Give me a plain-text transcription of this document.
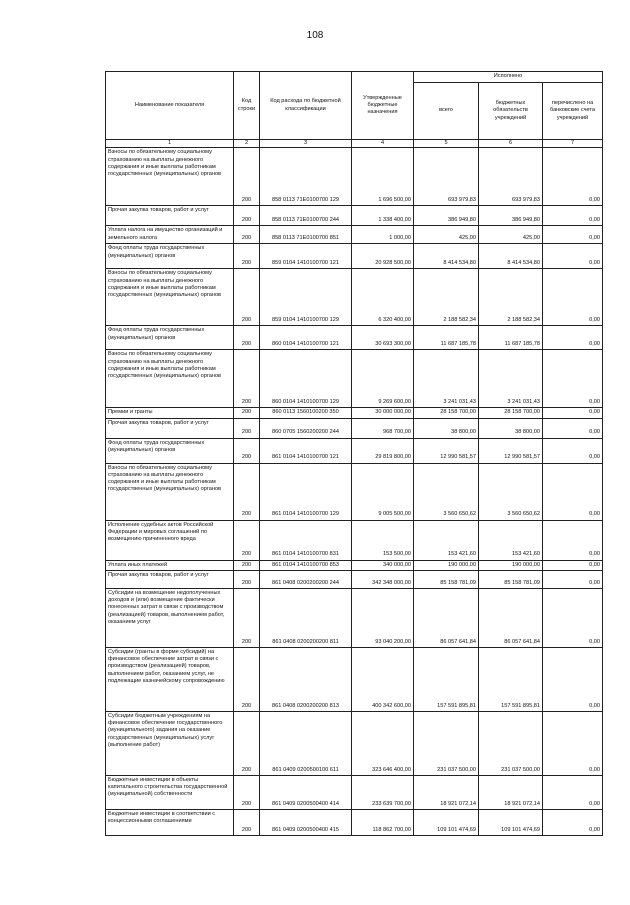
108
Наименование показателя	Код строки	Код расхода по бюджетной классификации	Утвержденные бюджетные назначения	Исполнено		
				всего	бюджетных обязательств учреждений	перечислено на банковские счета учреждений
1	2	3	4	5	6	7
Взносы по обязательному социальному страхованию на выплаты денежного содержания и иные выплаты работникам государственных (муниципальных) органов	200	858 0113 71E0100700 129	1 696 500,00	693 979,83	693 979,83	0,00
Прочая закупка товаров, работ и услуг	200	858 0113 71E0100700 244	1 338 400,00	386 949,80	386 949,80	0,00
Уплата налога на имущество организаций и земельного налога	200	858 0113 71E0100700 851	1 000,00	425,00	425,00	0,00
Фонд оплаты труда государственных (муниципальных) органов	200	859 0104 1410100700 121	20 928 500,00	8 414 534,80	8 414 534,80	0,00
Взносы по обязательному социальному страхованию на выплаты денежного содержания и иные выплаты работникам государственных (муниципальных) органов	200	859 0104 1410100700 129	6 320 400,00	2 188 582,34	2 188 582,34	0,00
Фонд оплаты труда государственных (муниципальных) органов	200	860 0104 1410100700 121	30 693 300,00	11 687 185,78	11 687 185,78	0,00
Взносы по обязательному социальному страхованию на выплаты денежного содержания и иные выплаты работникам государственных (муниципальных) органов	200	860 0104 1410100700 129	9 269 600,00	3 241 031,43	3 241 031,43	0,00
Премии и гранты	200	860 0113 1560100200 350	30 000 000,00	28 158 700,00	28 158 700,00	0,00
Прочая закупка товаров, работ и услуг	200	860 0705 1560200200 244	968 700,00	38 800,00	38 800,00	0,00
Фонд оплаты труда государственных (муниципальных) органов	200	861 0104 1410100700 121	29 819 800,00	12 990 581,57	12 990 581,57	0,00
Взносы по обязательному социальному страхованию на выплаты денежного содержания и иные выплаты работникам государственных (муниципальных) органов	200	861 0104 1410100700 129	9 005 500,00	3 560 650,62	3 560 650,62	0,00
Исполнение судебных актов Российской Федерации и мировых соглашений по возмещению причиненного вреда	200	861 0104 1410100700 831	153 500,00	153 421,60	153 421,60	0,00
Уплата иных платежей	200	861 0104 1410100700 853	340 000,00	190 000,00	190 000,00	0,00
Прочая закупка товаров, работ и услуг	200	861 0408 0200200200 244	342 348 000,00	85 158 781,09	85 158 781,09	0,00
Субсидии на возмещение недополученных доходов и (или) возмещение фактически понесенных затрат в связи с производством (реализацией) товаров, выполнением работ, оказанием услуг	200	861 0408 0200200200 811	93 040 200,00	86 057 641,84	86 057 641,84	0,00
Субсидии (гранты в форме субсидий) на финансовое обеспечение затрат в связи с производством (реализацией) товаров, выполнением работ, оказанием услуг, не подлежащие казначейскому сопровождению	200	861 0408 0200200200 813	400 342 600,00	157 591 895,81	157 591 895,81	0,00
Субсидии бюджетным учреждениям на финансовое обеспечение государственного (муниципального) задания на оказание государственных (муниципальных) услуг (выполнение работ)	200	861 0409 0200500100 611	323 646 400,00	231 037 500,00	231 037 500,00	0,00
Бюджетные инвестиции в объекты капитального строительства государственной (муниципальной) собственности	200	861 0409 0200500400 414	233 639 700,00	18 921 072,14	18 921 072,14	0,00
Бюджетные инвестиции в соответствии с концессионными соглашениями	200	861 0409 0200500400 415	118 862 700,00	109 101 474,69	109 101 474,69	0,00
